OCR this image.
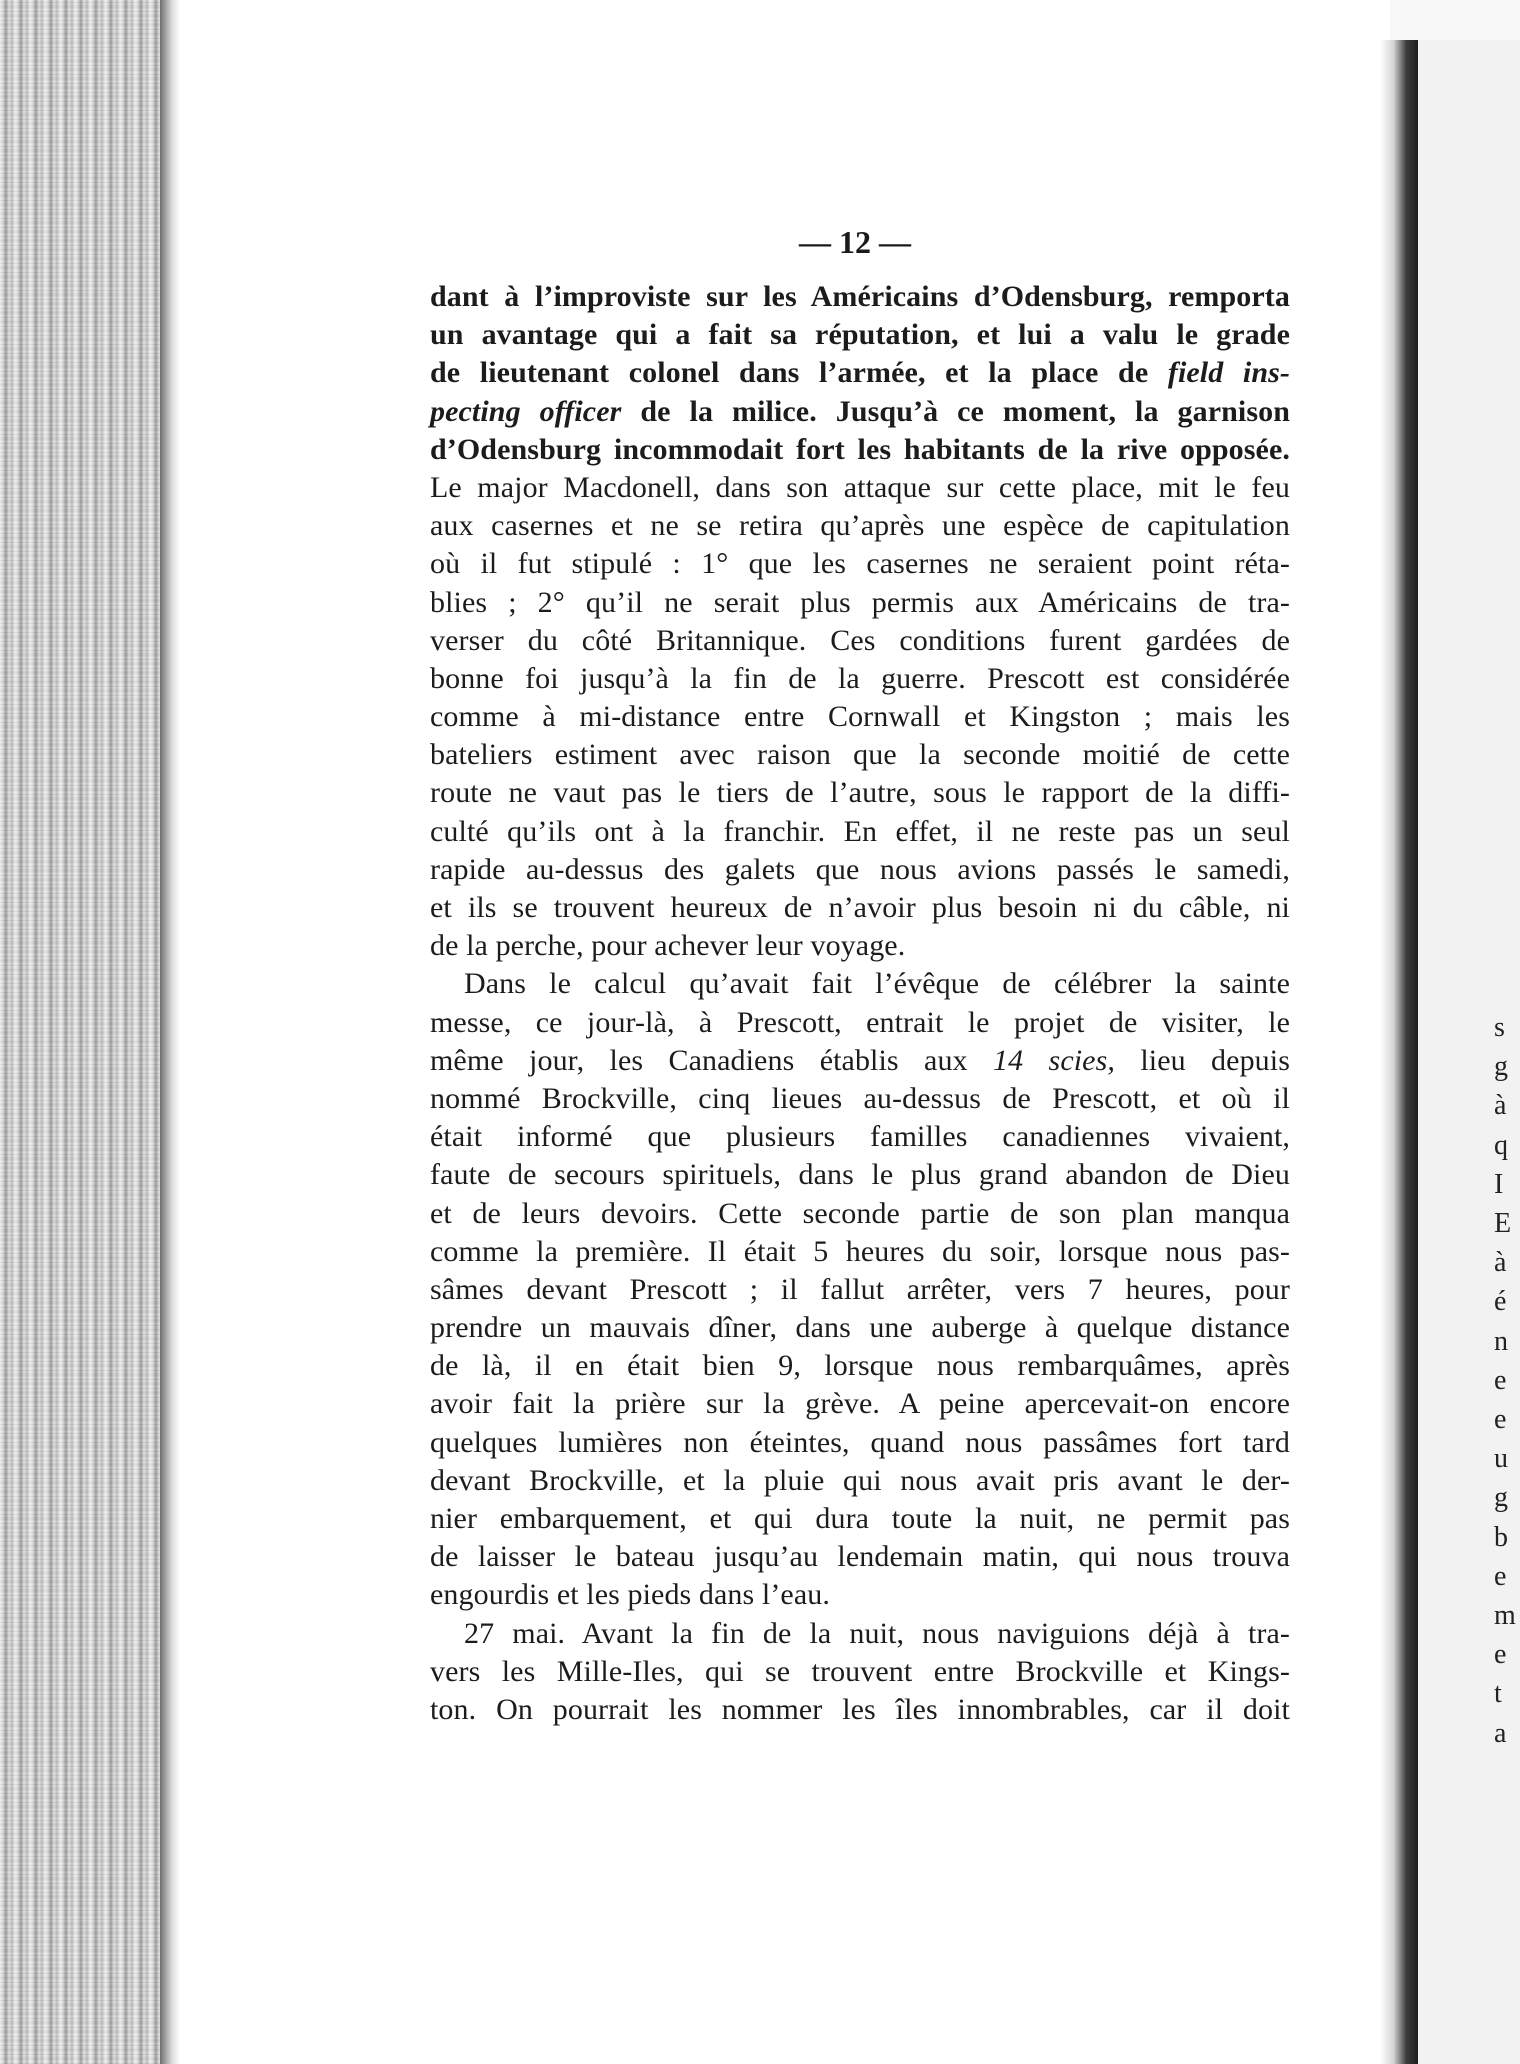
s
g
à
q
I
E
à
é
n
e
e
u
g
b
e
m
e
t
a
— 12 —
dant à l’improviste sur les Américains d’Odensburg, remporta
un avantage qui a fait sa réputation, et lui a valu le grade
de lieutenant colonel dans l’armée, et la place de field ins-
pecting officer de la milice. Jusqu’à ce moment, la garnison
d’Odensburg incommodait fort les habitants de la rive opposée.
Le major Macdonell, dans son attaque sur cette place, mit le feu
aux casernes et ne se retira qu’après une espèce de capitulation
où il fut stipulé : 1° que les casernes ne seraient point réta-
blies ; 2° qu’il ne serait plus permis aux Américains de tra-
verser du côté Britannique. Ces conditions furent gardées de
bonne foi jusqu’à la fin de la guerre. Prescott est considérée
comme à mi-distance entre Cornwall et Kingston ; mais les
bateliers estiment avec raison que la seconde moitié de cette
route ne vaut pas le tiers de l’autre, sous le rapport de la diffi-
culté qu’ils ont à la franchir. En effet, il ne reste pas un seul
rapide au-dessus des galets que nous avions passés le samedi,
et ils se trouvent heureux de n’avoir plus besoin ni du câble, ni
de la perche, pour achever leur voyage.
Dans le calcul qu’avait fait l’évêque de célébrer la sainte
messe, ce jour-là, à Prescott, entrait le projet de visiter, le
même jour, les Canadiens établis aux 14 scies, lieu depuis
nommé Brockville, cinq lieues au-dessus de Prescott, et où il
était informé que plusieurs familles canadiennes vivaient,
faute de secours spirituels, dans le plus grand abandon de Dieu
et de leurs devoirs. Cette seconde partie de son plan manqua
comme la première. Il était 5 heures du soir, lorsque nous pas-
sâmes devant Prescott ; il fallut arrêter, vers 7 heures, pour
prendre un mauvais dîner, dans une auberge à quelque distance
de là, il en était bien 9, lorsque nous rembarquâmes, après
avoir fait la prière sur la grève. A peine apercevait-on encore
quelques lumières non éteintes, quand nous passâmes fort tard
devant Brockville, et la pluie qui nous avait pris avant le der-
nier embarquement, et qui dura toute la nuit, ne permit pas
de laisser le bateau jusqu’au lendemain matin, qui nous trouva
engourdis et les pieds dans l’eau.
27 mai. Avant la fin de la nuit, nous naviguions déjà à tra-
vers les Mille-Iles, qui se trouvent entre Brockville et Kings-
ton. On pourrait les nommer les îles innombrables, car il doit
